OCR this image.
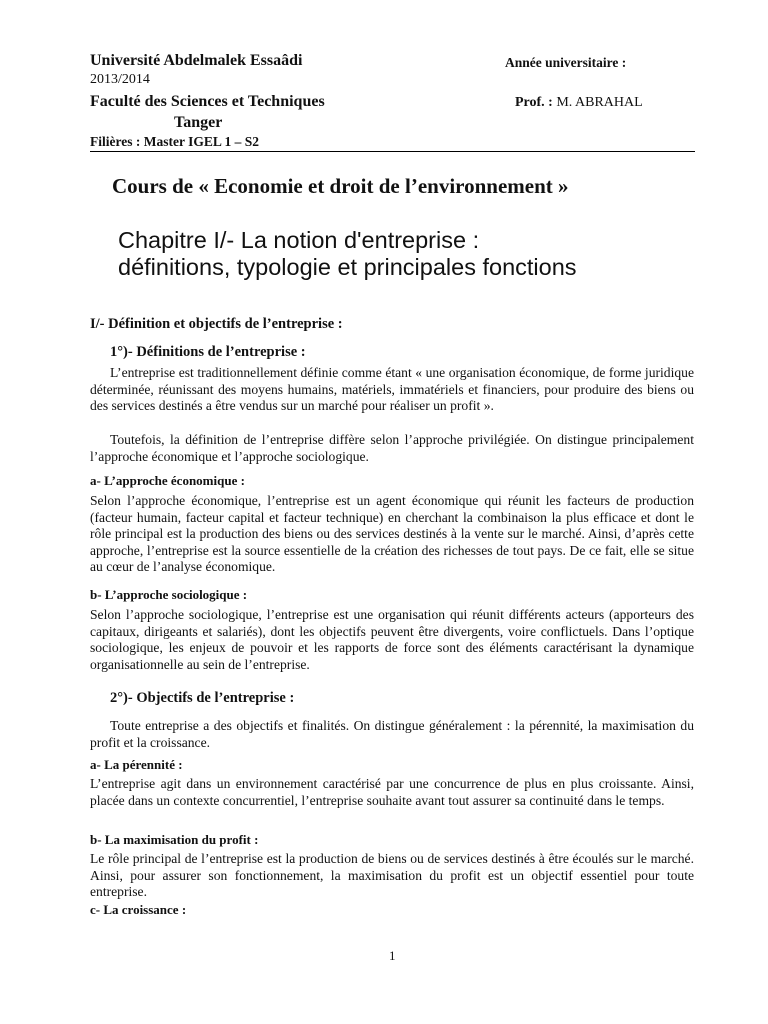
Université Abdelmalek Essaâdi	Année universitaire :
2013/2014
Faculté des Sciences et Techniques	Prof. : M. ABRAHAL
Tanger
Filières : Master IGEL 1 – S2
Cours de « Economie et droit de l’environnement »
Chapitre I/- La notion d'entreprise :
définitions, typologie et principales fonctions
I/- Définition et objectifs de l’entreprise :
1°)- Définitions de l’entreprise :
L’entreprise est traditionnellement définie comme étant « une organisation économique, de forme juridique déterminée, réunissant des moyens humains, matériels, immatériels et financiers, pour produire des biens ou des services destinés a être vendus sur un marché pour réaliser un profit ».
Toutefois, la définition de l’entreprise diffère selon l’approche privilégiée. On distingue principalement l’approche économique et l’approche sociologique.
a- L’approche économique :
Selon l’approche économique, l’entreprise est un agent économique qui réunit les facteurs de production (facteur humain, facteur capital et facteur technique) en cherchant la combinaison la plus efficace et dont le rôle principal est la production des biens ou des services destinés à la vente sur le marché. Ainsi, d’après cette approche, l’entreprise est la source essentielle de la création des richesses de tout pays. De ce fait, elle se situe au cœur de l’analyse économique.
b- L’approche sociologique :
Selon l’approche sociologique, l’entreprise est une organisation qui réunit différents acteurs (apporteurs des capitaux, dirigeants et salariés), dont les objectifs peuvent être divergents, voire conflictuels. Dans l’optique sociologique, les enjeux de pouvoir et les rapports de force sont des éléments caractérisant la dynamique organisationnelle au sein de l’entreprise.
2°)- Objectifs de l’entreprise :
Toute entreprise a des objectifs et finalités. On distingue généralement : la pérennité, la maximisation du profit et la croissance.
a- La pérennité :
L’entreprise agit dans un environnement caractérisé par une concurrence de plus en plus croissante. Ainsi, placée dans un contexte concurrentiel, l’entreprise souhaite avant tout assurer sa continuité dans le temps.
b- La maximisation du profit :
Le rôle principal de l’entreprise est la production de biens ou de services destinés à être écoulés sur le marché. Ainsi, pour assurer son fonctionnement, la maximisation du profit est un objectif essentiel pour toute entreprise.
c- La croissance :
1
